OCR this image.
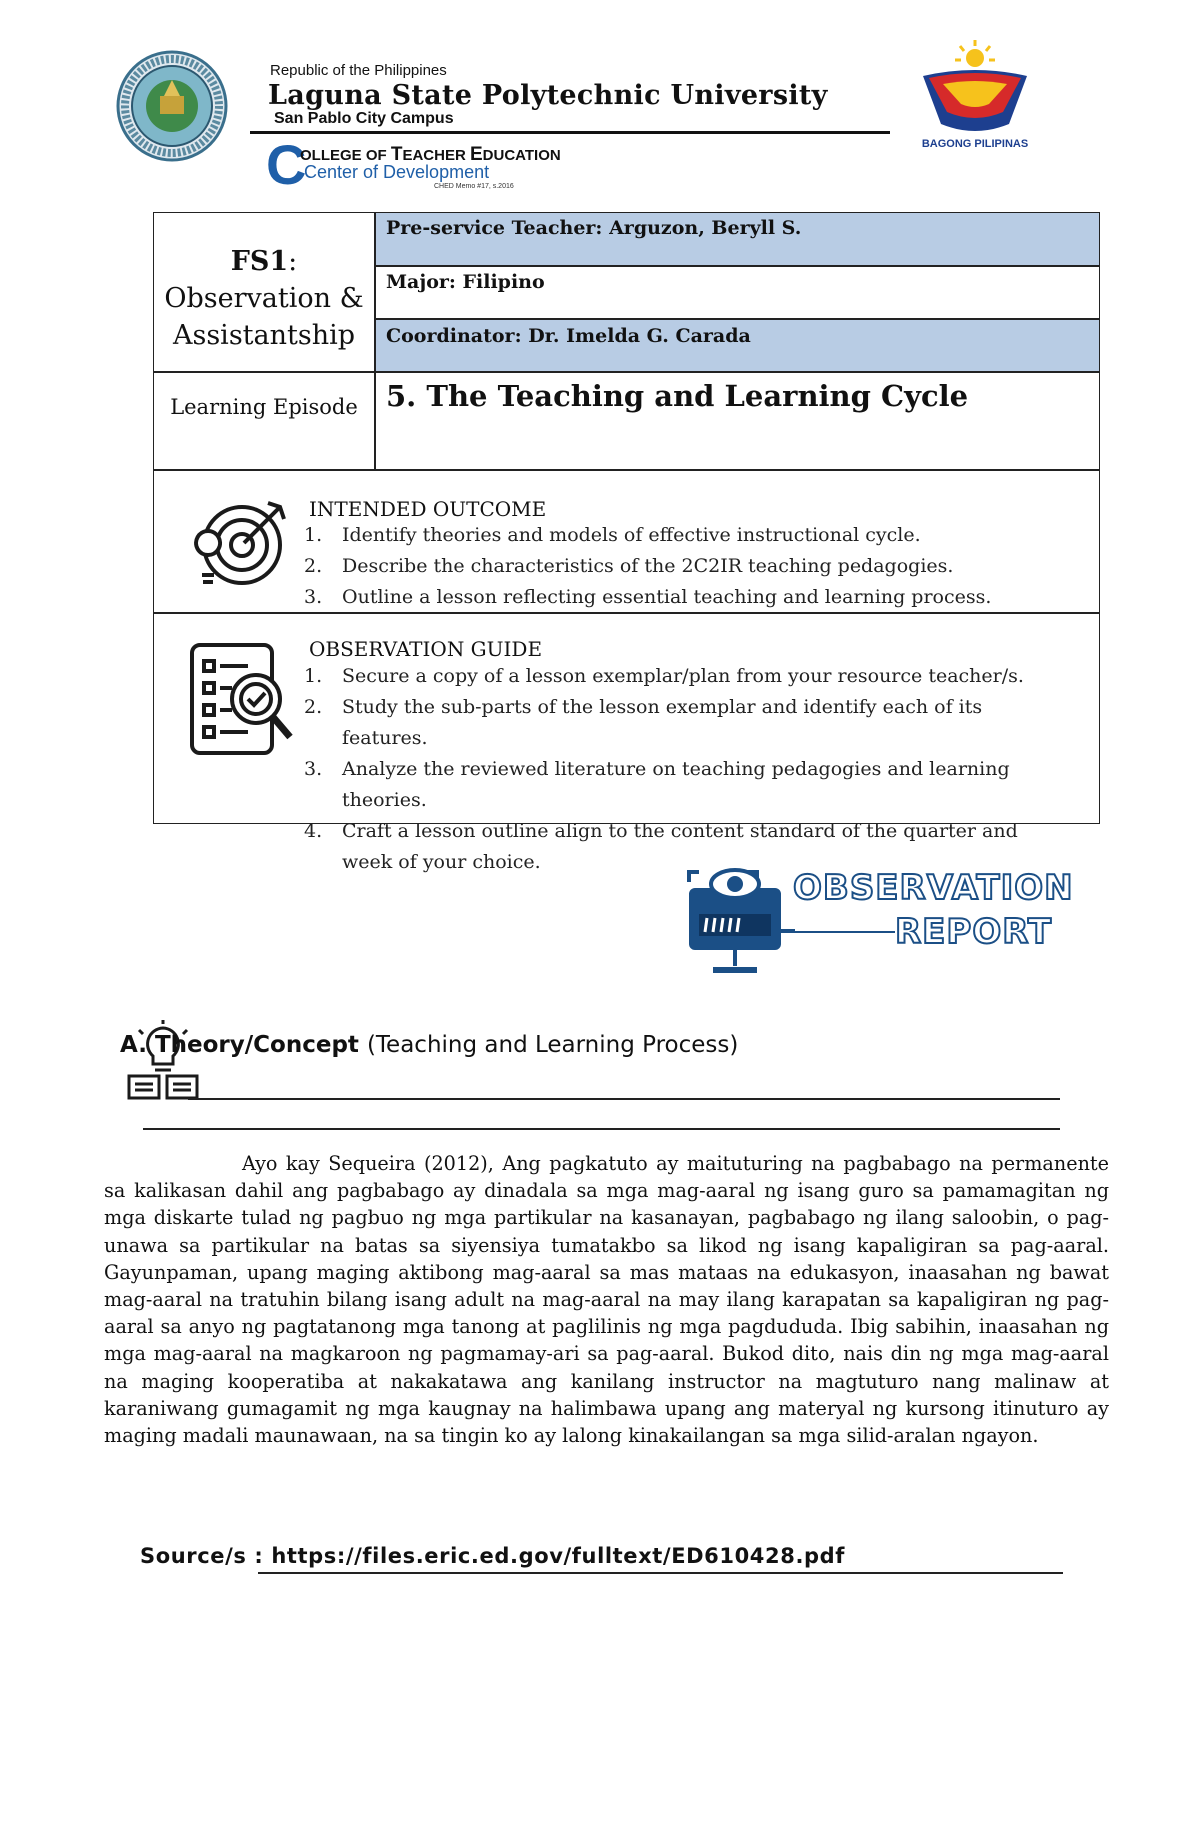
Republic of the Philippines
Laguna State Polytechnic University
San Pablo City Campus
C
OLLEGE OF TEACHER EDUCATION
Center of Development
CHED Memo #17, s.2016
BAGONG PILIPINAS
FS1:
Observation & Assistantship
Pre-service Teacher: Arguzon, Beryll S.
Major: Filipino
Coordinator: Dr. Imelda G. Carada
Learning Episode 5. The Teaching and Learning Cycle
INTENDED OUTCOME
1.	Identify theories and models of effective instructional cycle.
2.	Describe the characteristics of the 2C2IR teaching pedagogies.
3.	Outline a lesson reflecting essential teaching and learning process.
OBSERVATION GUIDE
1.	Secure a copy of a lesson exemplar/plan from your resource teacher/s.
2.	Study the sub-parts of the lesson exemplar and identify each of its features.
3.	Analyze the reviewed literature on teaching pedagogies and learning theories.
4.	Craft a lesson outline align to the content standard of the quarter and week of your choice.
OBSERVATION
REPORT
A. Theory/Concept (Teaching and Learning Process)

Ayo kay Sequeira (2012), Ang pagkatuto ay maituturing na pagbabago na permanente sa kalikasan dahil ang pagbabago ay dinadala sa mga mag-aaral ng isang guro sa pamamagitan ng mga diskarte tulad ng pagbuo ng mga partikular na kasanayan, pagbabago ng ilang saloobin, o pag-unawa sa partikular na batas sa siyensiya tumatakbo sa likod ng isang kapaligiran sa pag-aaral. Gayunpaman, upang maging aktibong mag-aaral sa mas mataas na edukasyon, inaasahan ng bawat mag-aaral na tratuhin bilang isang adult na mag-aaral na may ilang karapatan sa kapaligiran ng pag-aaral sa anyo ng pagtatanong mga tanong at paglilinis ng mga pagdududa. Ibig sabihin, inaasahan ng mga mag-aaral na magkaroon ng pagmamay-ari sa pag-aaral. Bukod dito, nais din ng mga mag-aaral na maging kooperatiba at nakakatawa ang kanilang instructor na magtuturo nang malinaw at karaniwang gumagamit ng mga kaugnay na halimbawa upang ang materyal ng kursong itinuturo ay maging madali maunawaan, na sa tingin ko ay lalong kinakailangan sa mga silid-aralan ngayon.

Source/s : https://files.eric.ed.gov/fulltext/ED610428.pdf
